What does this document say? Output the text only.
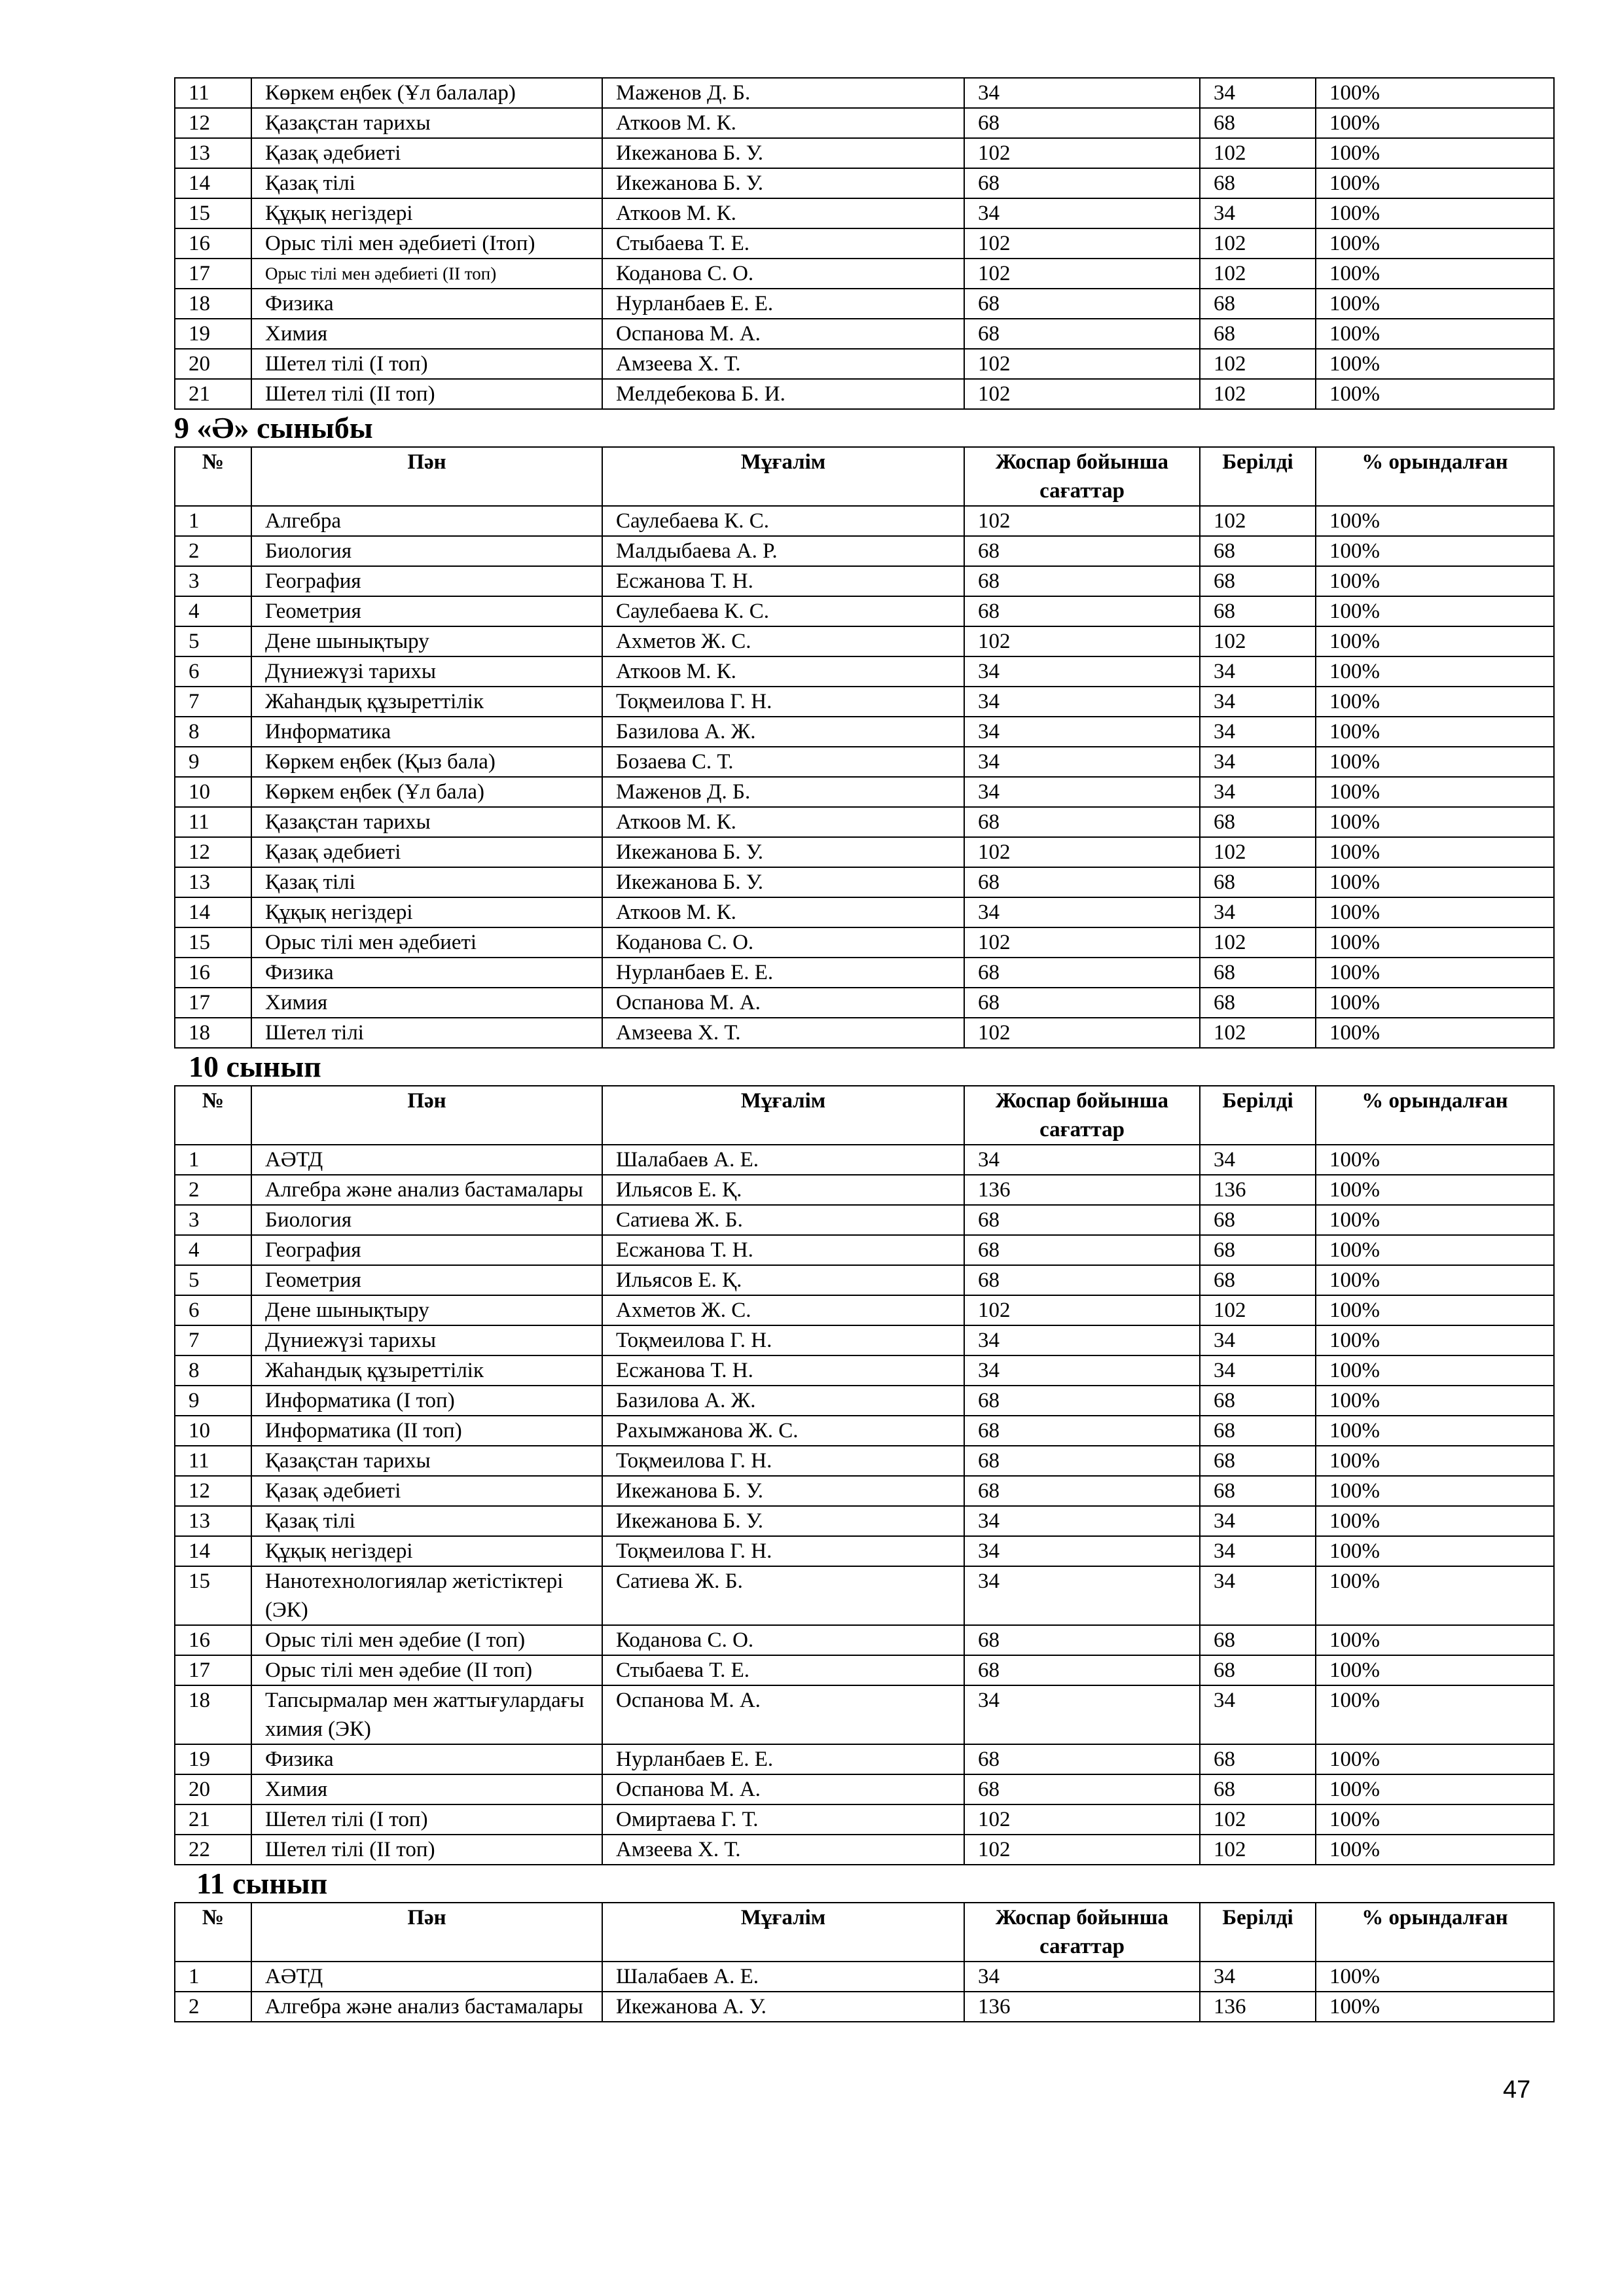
11	Көркем еңбек (Ұл балалар)	Маженов Д. Б.	34	34	100%
12	Қазақстан тарихы	Аткоов М. К.	68	68	100%
13	Қазақ әдебиеті	Икежанова Б. У.	102	102	100%
14	Қазақ тілі	Икежанова Б. У.	68	68	100%
15	Құқық негіздері	Аткоов М. К.	34	34	100%
16	Орыс тілі мен әдебиеті (Iтоп)	Стыбаева Т. Е.	102	102	100%
17	Орыс тілі мен әдебиеті (II топ)	Коданова С. О.	102	102	100%
18	Физика	Нурланбаев Е. Е.	68	68	100%
19	Химия	Оспанова М. А.	68	68	100%
20	Шетел тілі (І топ)	Амзеева Х. Т.	102	102	100%
21	Шетел тілі (ІІ топ)	Мелдебекова Б. И.	102	102	100%
9 «Ә» сыныбы
№	Пән	Мұғалім	Жоспар бойынша сағаттар	Берілді	% орындалған
1	Алгебра	Саулебаева К. С.	102	102	100%
2	Биология	Малдыбаева А. Р.	68	68	100%
3	География	Есжанова Т. Н.	68	68	100%
4	Геометрия	Саулебаева К. С.	68	68	100%
5	Дене шынықтыру	Ахметов Ж. С.	102	102	100%
6	Дүниежүзі тарихы	Аткоов М. К.	34	34	100%
7	Жаһандық құзыреттілік	Тоқмеилова Г. Н.	34	34	100%
8	Информатика	Базилова А. Ж.	34	34	100%
9	Көркем еңбек (Қыз бала)	Бозаева С. Т.	34	34	100%
10	Көркем еңбек (Ұл бала)	Маженов Д. Б.	34	34	100%
11	Қазақстан тарихы	Аткоов М. К.	68	68	100%
12	Қазақ әдебиеті	Икежанова Б. У.	102	102	100%
13	Қазақ тілі	Икежанова Б. У.	68	68	100%
14	Құқық негіздері	Аткоов М. К.	34	34	100%
15	Орыс тілі мен әдебиеті	Коданова С. О.	102	102	100%
16	Физика	Нурланбаев Е. Е.	68	68	100%
17	Химия	Оспанова М. А.	68	68	100%
18	Шетел тілі	Амзеева Х. Т.	102	102	100%
10 сынып
№	Пән	Мұғалім	Жоспар бойынша сағаттар	Берілді	% орындалған
1	АӘТД	Шалабаев А. Е.	34	34	100%
2	Алгебра және анализ бастамалары	Ильясов Е. Қ.	136	136	100%
3	Биология	Сатиева Ж. Б.	68	68	100%
4	География	Есжанова Т. Н.	68	68	100%
5	Геометрия	Ильясов Е. Қ.	68	68	100%
6	Дене шынықтыру	Ахметов Ж. С.	102	102	100%
7	Дүниежүзі тарихы	Тоқмеилова Г. Н.	34	34	100%
8	Жаһандық құзыреттілік	Есжанова Т. Н.	34	34	100%
9	Информатика (I топ)	Базилова А. Ж.	68	68	100%
10	Информатика (II топ)	Рахымжанова Ж. С.	68	68	100%
11	Қазақстан тарихы	Тоқмеилова Г. Н.	68	68	100%
12	Қазақ әдебиеті	Икежанова Б. У.	68	68	100%
13	Қазақ тілі	Икежанова Б. У.	34	34	100%
14	Құқық негіздері	Тоқмеилова Г. Н.	34	34	100%
15	Нанотехнологиялар жетістіктері (ЭК)	Сатиева Ж. Б.	34	34	100%
16	Орыс тілі мен әдебие (I топ)	Коданова С. О.	68	68	100%
17	Орыс тілі мен әдебие (II топ)	Стыбаева Т. Е.	68	68	100%
18	Тапсырмалар мен жаттығулардағы химия (ЭК)	Оспанова М. А.	34	34	100%
19	Физика	Нурланбаев Е. Е.	68	68	100%
20	Химия	Оспанова М. А.	68	68	100%
21	Шетел тілі (I топ)	Омиртаева Г. Т.	102	102	100%
22	Шетел тілі (II топ)	Амзеева Х. Т.	102	102	100%
11 сынып
№	Пән	Мұғалім	Жоспар бойынша сағаттар	Берілді	% орындалған
1	АӘТД	Шалабаев А. Е.	34	34	100%
2	Алгебра және анализ бастамалары	Икежанова А. У.	136	136	100%
47
